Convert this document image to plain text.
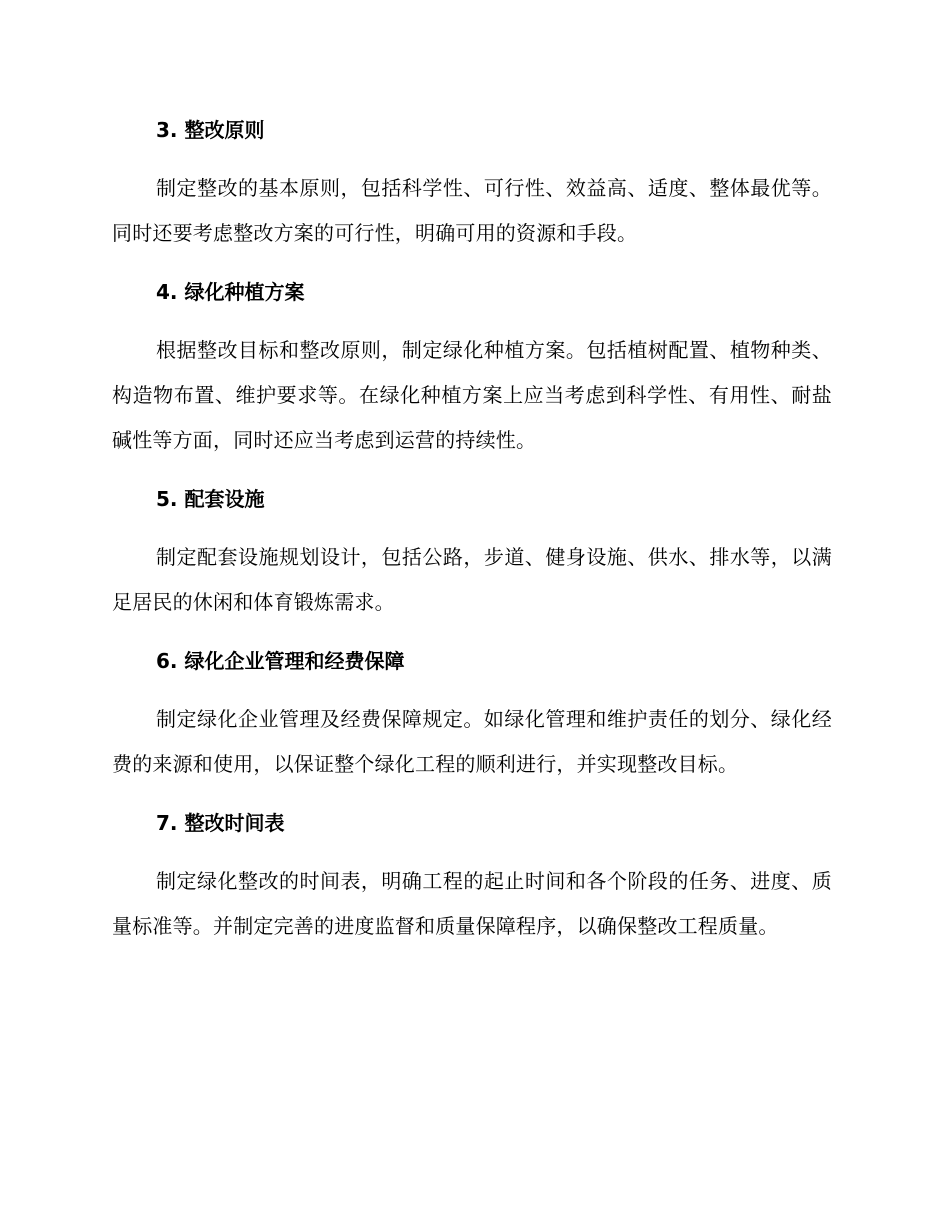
3. 整改原则

制定整改的基本原则，包括科学性、可行性、效益高、适度、整体最优等。同时还要考虑整改方案的可行性，明确可用的资源和手段。

4. 绿化种植方案

根据整改目标和整改原则，制定绿化种植方案。包括植树配置、植物种类、构造物布置、维护要求等。在绿化种植方案上应当考虑到科学性、有用性、耐盐碱性等方面，同时还应当考虑到运营的持续性。

5. 配套设施

制定配套设施规划设计，包括公路，步道、健身设施、供水、排水等，以满足居民的休闲和体育锻炼需求。

6. 绿化企业管理和经费保障

制定绿化企业管理及经费保障规定。如绿化管理和维护责任的划分、绿化经费的来源和使用，以保证整个绿化工程的顺利进行，并实现整改目标。

7. 整改时间表

制定绿化整改的时间表，明确工程的起止时间和各个阶段的任务、进度、质量标准等。并制定完善的进度监督和质量保障程序，以确保整改工程质量。
